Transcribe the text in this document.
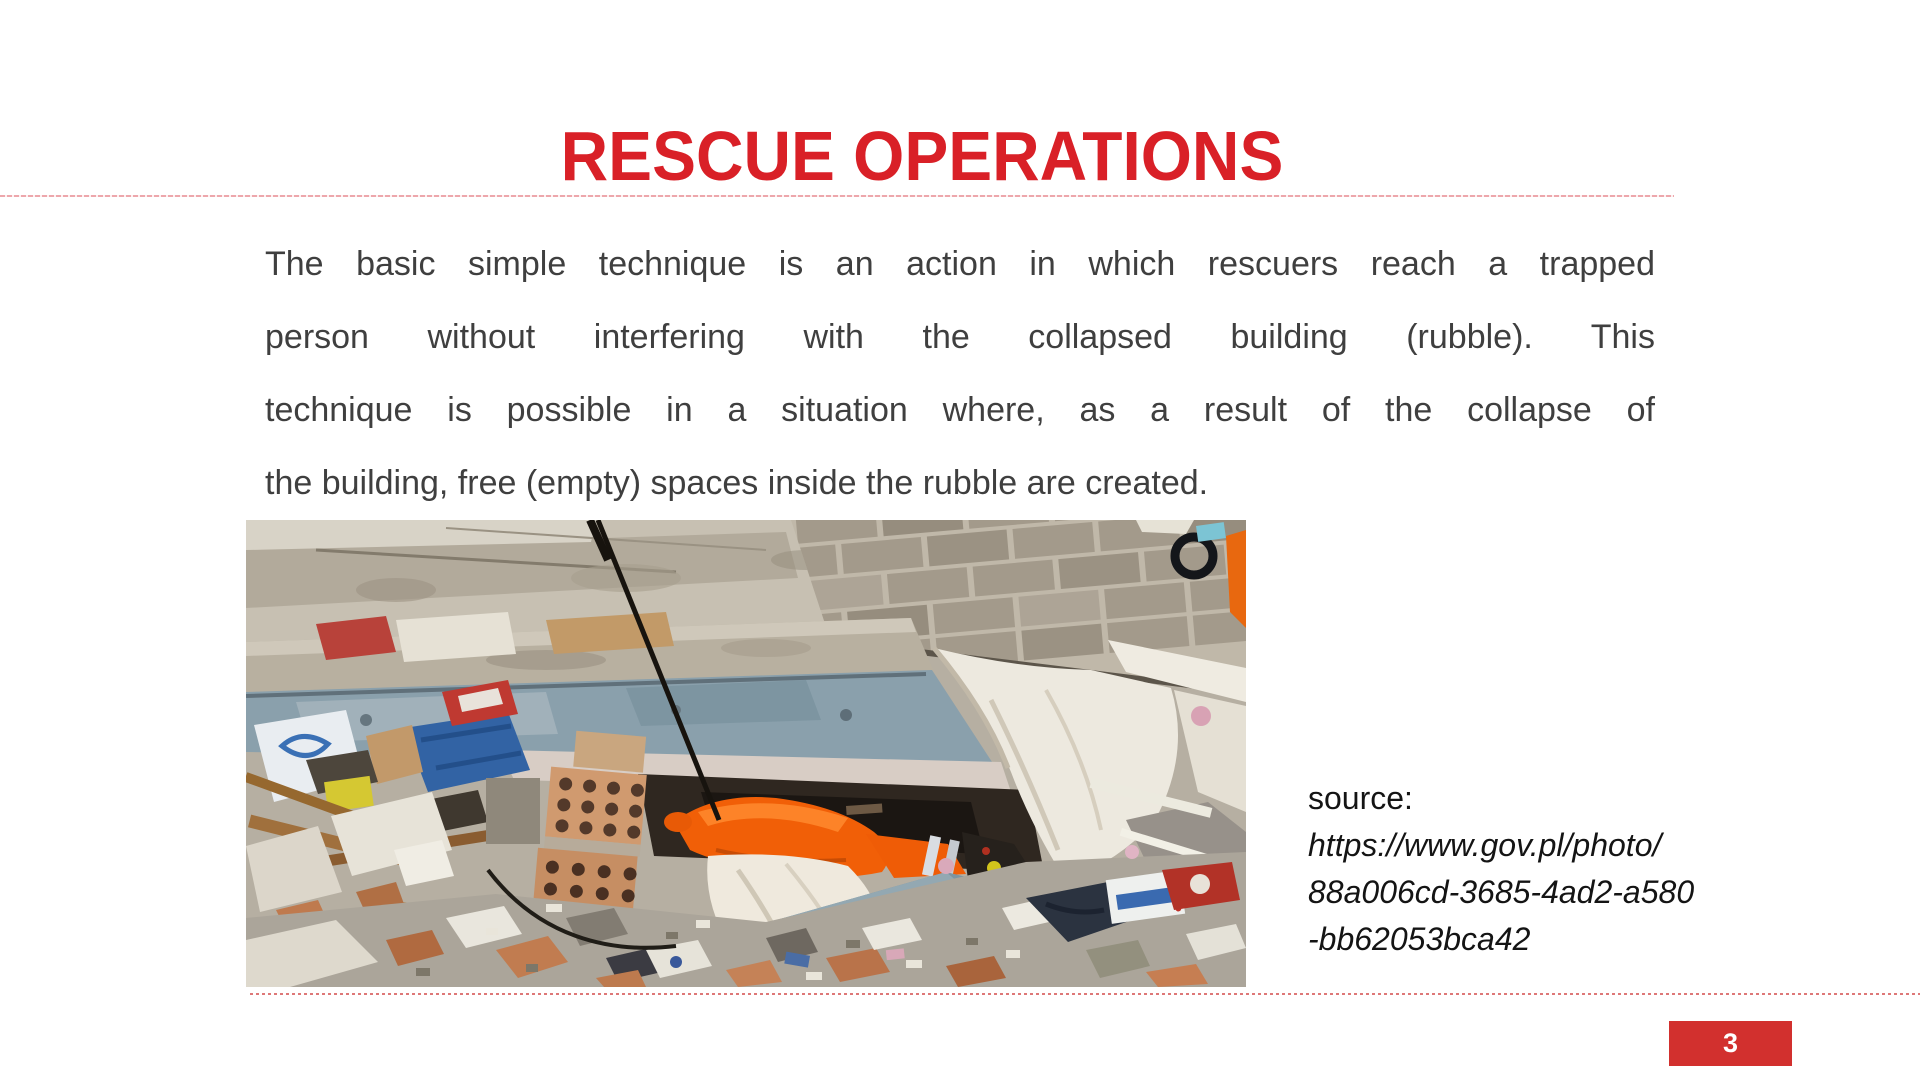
RESCUE OPERATIONS
The basic simple technique is an action in which rescuers reach a trapped
person without interfering with the collapsed building (rubble). This
technique is possible in a situation where, as a result of the collapse of
the building, free (empty) spaces inside the rubble are created.
source:
https://www.gov.pl/photo/
88a006cd-3685-4ad2-a580
-bb62053bca42
3
